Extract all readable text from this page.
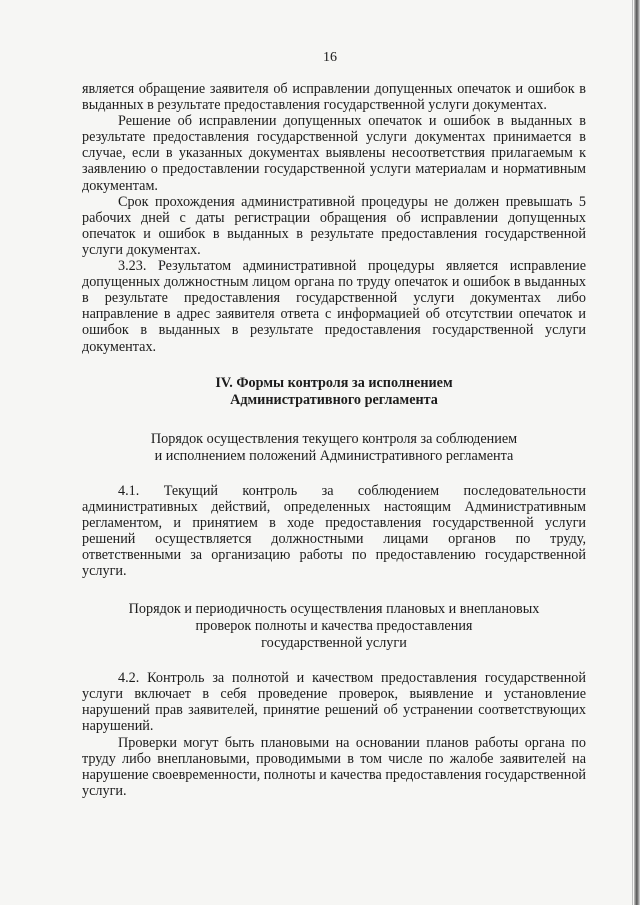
16

является обращение заявителя об исправлении допущенных опечаток и ошибок в выданных в результате предоставления государственной услуги документах.

Решение об исправлении допущенных опечаток и ошибок в выданных в результате предоставления государственной услуги документах принимается в случае, если в указанных документах выявлены несоответствия прилагаемым к заявлению о предоставлении государственной услуги материалам и нормативным документам.

Срок прохождения административной процедуры не должен превышать 5 рабочих дней с даты регистрации обращения об исправлении допущенных опечаток и ошибок в выданных в результате предоставления государственной услуги документах.

3.23. Результатом административной процедуры является исправление допущенных должностным лицом органа по труду опечаток и ошибок в выданных в результате предоставления государственной услуги документах либо направление в адрес заявителя ответа с информацией об отсутствии опечаток и ошибок в выданных в результате предоставления государственной услуги документах.

IV. Формы контроля за исполнением
Административного регламента
Порядок осуществления текущего контроля за соблюдением
и исполнением положений Административного регламента

4.1. Текущий контроль за соблюдением последовательности административных действий, определенных настоящим Административным регламентом, и принятием в ходе предоставления государственной услуги решений осуществляется должностными лицами органов по труду, ответственными за организацию работы по предоставлению государственной услуги.

Порядок и периодичность осуществления плановых и внеплановых
проверок полноты и качества предоставления
государственной услуги

4.2. Контроль за полнотой и качеством предоставления государственной услуги включает в себя проведение проверок, выявление и установление нарушений прав заявителей, принятие решений об устранении соответствующих нарушений.

Проверки могут быть плановыми на основании планов работы органа по труду либо внеплановыми, проводимыми в том числе по жалобе заявителей на нарушение своевременности, полноты и качества предоставления государственной услуги.
